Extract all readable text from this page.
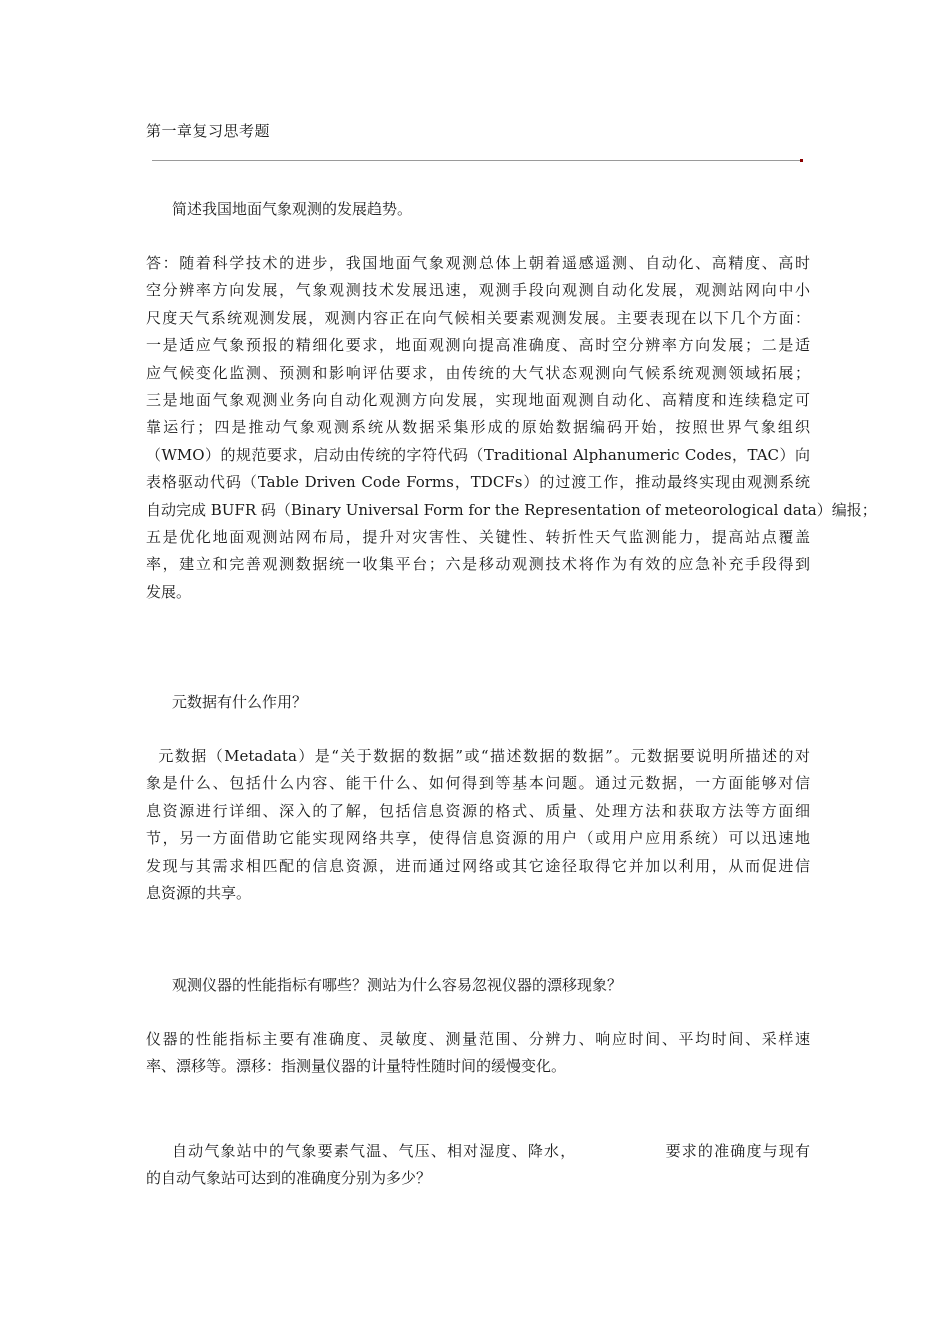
第一章复习思考题
简述我国地面气象观测的发展趋势。
答：随着科学技术的进步，我国地面气象观测总体上朝着遥感遥测、自动化、高精度、高时
空分辨率方向发展，气象观测技术发展迅速，观测手段向观测自动化发展，观测站网向中小
尺度天气系统观测发展，观测内容正在向气候相关要素观测发展。主要表现在以下几个方面：
一是适应气象预报的精细化要求，地面观测向提高准确度、高时空分辨率方向发展；二是适
应气候变化监测、预测和影响评估要求，由传统的大气状态观测向气候系统观测领域拓展；
三是地面气象观测业务向自动化观测方向发展，实现地面观测自动化、高精度和连续稳定可
靠运行；四是推动气象观测系统从数据采集形成的原始数据编码开始，按照世界气象组织
（WMO）的规范要求，启动由传统的字符代码（Traditional Alphanumeric Codes，TAC）向
表格驱动代码（Table Driven Code Forms，TDCFs）的过渡工作，推动最终实现由观测系统
自动完成 BUFR 码（Binary Universal Form for the Representation of meteorological data）编报；
五是优化地面观测站网布局，提升对灾害性、关键性、转折性天气监测能力，提高站点覆盖
率，建立和完善观测数据统一收集平台；六是移动观测技术将作为有效的应急补充手段得到
发展。
元数据有什么作用？
元数据（Metadata）是“关于数据的数据”或“描述数据的数据”。元数据要说明所描述的对
象是什么、包括什么内容、能干什么、如何得到等基本问题。通过元数据，一方面能够对信
息资源进行详细、深入的了解，包括信息资源的格式、质量、处理方法和获取方法等方面细
节，另一方面借助它能实现网络共享，使得信息资源的用户（或用户应用系统）可以迅速地
发现与其需求相匹配的信息资源，进而通过网络或其它途径取得它并加以利用，从而促进信
息资源的共享。
观测仪器的性能指标有哪些？测站为什么容易忽视仪器的漂移现象？
仪器的性能指标主要有准确度、灵敏度、测量范围、分辨力、响应时间、平均时间、采样速
率、漂移等。漂移：指测量仪器的计量特性随时间的缓慢变化。
自动气象站中的气象要素气温、气压、相对湿度、降水，               要求的准确度与现有
的自动气象站可达到的准确度分别为多少？
